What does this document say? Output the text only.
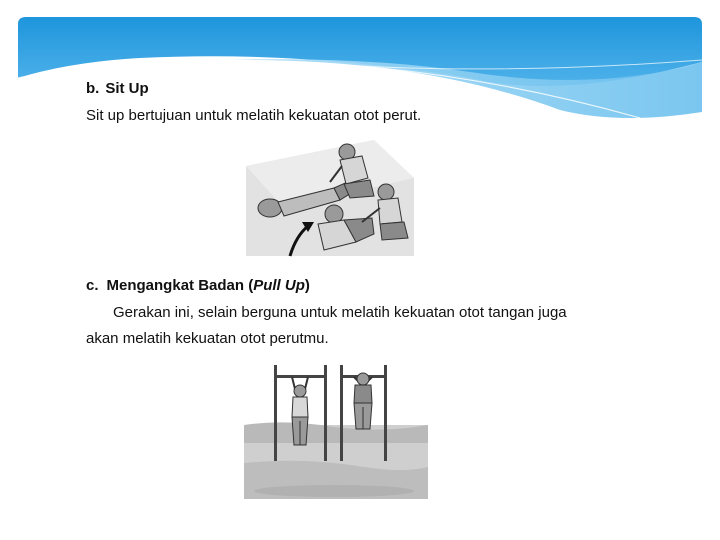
b. Sit Up
Sit up bertujuan untuk melatih kekuatan otot perut.
c. Mengangkat Badan (Pull Up)
Gerakan ini, selain berguna untuk melatih kekuatan otot tangan juga
akan melatih kekuatan otot perutmu.
